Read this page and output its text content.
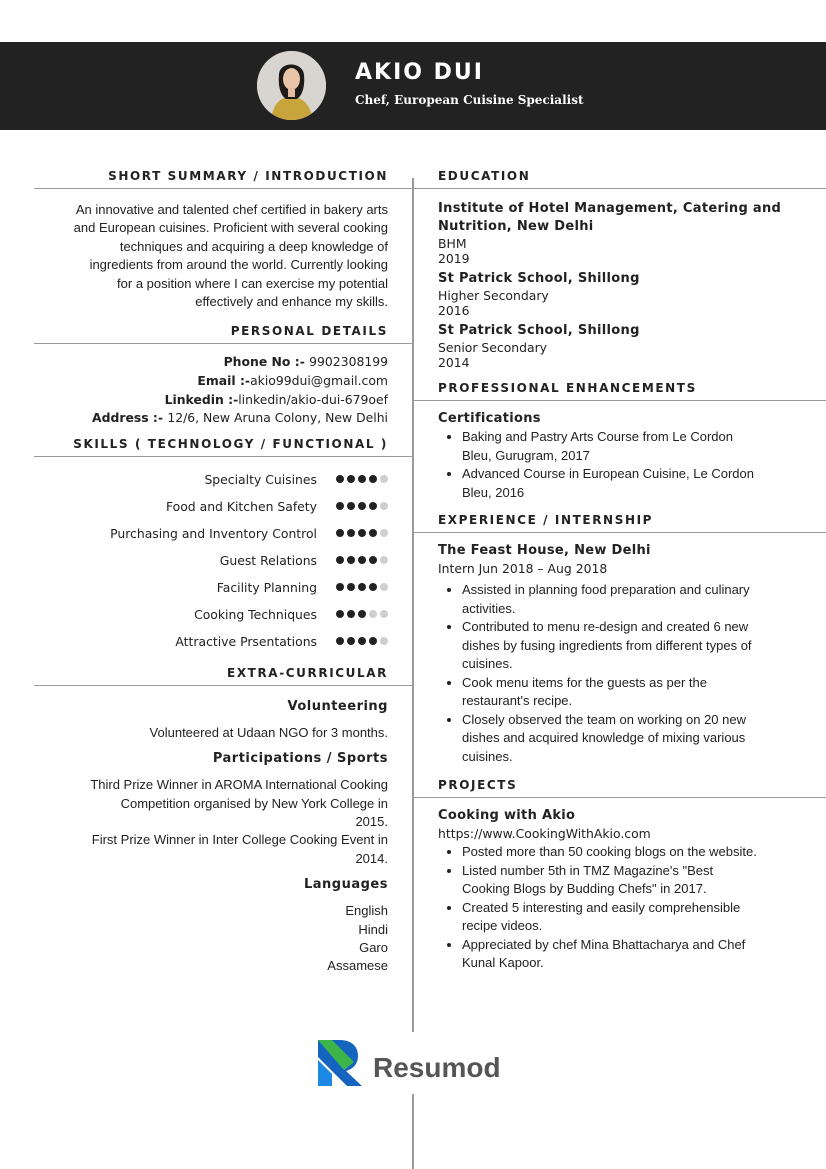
AKIO DUI
Chef, European Cuisine Specialist
SHORT SUMMARY / INTRODUCTION
An innovative and talented chef certified in bakery arts
and European cuisines. Proficient with several cooking
techniques and acquiring a deep knowledge of
ingredients from around the world. Currently looking
for a position where I can exercise my potential
effectively and enhance my skills.
PERSONAL DETAILS
Phone No :- 9902308199
Email :-akio99dui@gmail.com
Linkedin :-linkedin/akio-dui-679oef
Address :- 12/6, New Aruna Colony, New Delhi
SKILLS ( TECHNOLOGY / FUNCTIONAL )
Specialty Cuisines
Food and Kitchen Safety
Purchasing and Inventory Control
Guest Relations
Facility Planning
Cooking Techniques
Attractive Prsentations
EXTRA-CURRICULAR
Volunteering
Volunteered at Udaan NGO for 3 months.
Participations / Sports
Third Prize Winner in AROMA International Cooking
Competition organised by New York College in
2015.
First Prize Winner in Inter College Cooking Event in
2014.
Languages
English
Hindi
Garo
Assamese
EDUCATION
Institute of Hotel Management, Catering and
Nutrition, New Delhi
BHM
2019
St Patrick School, Shillong
Higher Secondary
2016
St Patrick School, Shillong
Senior Secondary
2014
PROFESSIONAL ENHANCEMENTS
Certifications
• Baking and Pastry Arts Course from Le Cordon
Bleu, Gurugram, 2017
• Advanced Course in European Cuisine, Le Cordon
Bleu, 2016
EXPERIENCE / INTERNSHIP
The Feast House, New Delhi
Intern Jun 2018 – Aug 2018
• Assisted in planning food preparation and culinary
activities.
• Contributed to menu re-design and created 6 new
dishes by fusing ingredients from different types of
cuisines.
• Cook menu items for the guests as per the
restaurant's recipe.
• Closely observed the team on working on 20 new
dishes and acquired knowledge of mixing various
cuisines.
PROJECTS
Cooking with Akio
https://www.CookingWithAkio.com
• Posted more than 50 cooking blogs on the website.
• Listed number 5th in TMZ Magazine's "Best
Cooking Blogs by Budding Chefs" in 2017.
• Created 5 interesting and easily comprehensible
recipe videos.
• Appreciated by chef Mina Bhattacharya and Chef
Kunal Kapoor.
Resumod
